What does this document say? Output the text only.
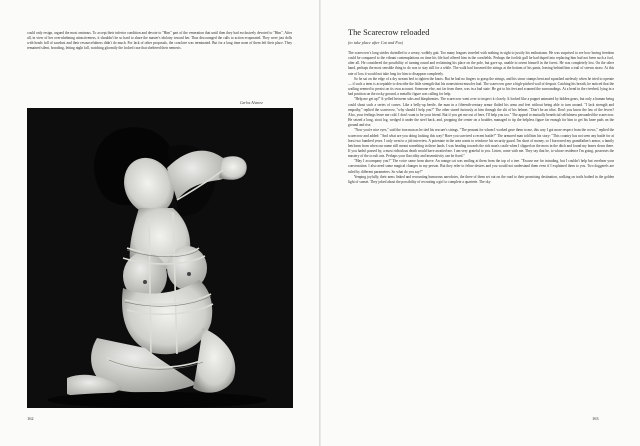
could only resign, argued the most ominous. To accept their inferior condition and devote to "Him" part of the veneration that until then they had exclusively devoted to "Him". After all, in view of her overwhelming attractiveness, it shouldn't be so hard to share the master's idolatry toward her. Thus discouraged the calls to action evaporated. They were just dolls with heads full of sawdust and their resourcefulness didn't do much. For lack of other proposals, the conclave was terminated. But for a long time none of them left their place. They remained silent, brooding, letting night fall, watching gloomily the locked case that sheltered their nemesis.

Carlos Alvarez
162
The Scarecrow reloaded
(to take place after Cat and Fox)

The scarecrow's long strides dwindled to a weary, wobbly gait. Too many leagues traveled with nothing in sight to justify his enthusiasm. He was surprised to see how boring freedom could be compared to the vibrant contemplations on time his life had offered him in the cornfields. Perhaps the foolish gull he had duped into replacing him had not been such a fool, after all. He considered the possibility of turning round and reclaiming his place on the pole, but gave up, unable to orient himself in the forest. He was completely lost. On the other hand, perhaps the most sensible thing to do was to stay still for a while. The walk had loosened the strings at the bottom of his pants, leaving behind him a trail of strewn straw. At this rate of loss it would not take long for him to disappear completely.

So he sat on the edge of a dry stream bed to tighten the knots. But he had no fingers to grasp the strings, and his straw stumps bent and squashed uselessly when he tried to operate — if such a term is acceptable to describe the little strength that his nonexistent muscles had. The scarecrow gave a high-pitched wail of despair. Catching his breath, he noticed that the wailing seemed to persist on its own account. Someone else, not far from there, was in a bad state. He got to his feet and scanned the surroundings. At a bend in the riverbed, lying in a bad position on the rocky ground, a metallic figure was calling for help.

"Help me get up!" It yelled between sobs and blasphemies. The scarecrow went over to inspect it closely. It looked like a puppet animated by hidden gears, but only a human being could shout such a series of curses. Like a belly-up beetle, the man in a fifteenth-century armor flailed his arms and feet without being able to turn around. "I lack strength and empathy," replied the scarecrow, "why should I help you?" The other stared furiously at him through the slit of his helmet. "Don't be an idiot. Don't you know the law of the levers? Also, your feelings leave me cold. I don't want to be your friend. But if you get me out of here, I'll help you too." The appeal to mutually beneficial selfishness persuaded the scarecrow. He seized a long, stout log, wedged it under the steel back, and, propping the center on a boulder, managed to tip the helpless figure far enough for him to get his knee pads on the ground and rise.

"Now you're nice eyes," said the iron man as he tied his rescuer's strings. "The peasant for whom I worked gave them to me, this way I got more respect from the crows," replied the scarecrow and added: "And what are you doing looking this way? Have you survived a recent battle?" The armored man told him his story: "This country has not seen any battle for at least two hundred years. I only went to a job interview. A potentate in the area wants to reinforce his security guard. I'm short of money, so I borrowed my grandfather's armor, a family heirloom from when our name still meant something in these lands. I was heading towards the rich man's castle when I slipped on the moss in the ditch and found my bones down there. If you hadn't passed by, a most ridiculous death would have awaited me. I am very grateful to you. Listen, come with me. They say that he, to whose residence I'm going, possesses the mastery of the occult arts. Perhaps your flaccidity and insensitivity can be fixed."

"May I accompany you?" The voice came from above. An orange cat was smiling at them from the top of a tree. "Excuse me for intruding, but I couldn't help but overhear your conversation. I also need some magical changes in my person. But they refer to feline desires and you would not understand them even if I explained them to you. Two doggerels are ruled by different parameters. So what do you say?"

Yenping joyfully, their arms linked and recounting humorous anecdotes, the three of them set out on the road to their promising destination, walking on trails bathed in the golden light of sunset. They joked about the possibility of recruiting a girl to complete a quartette. The sky

163
